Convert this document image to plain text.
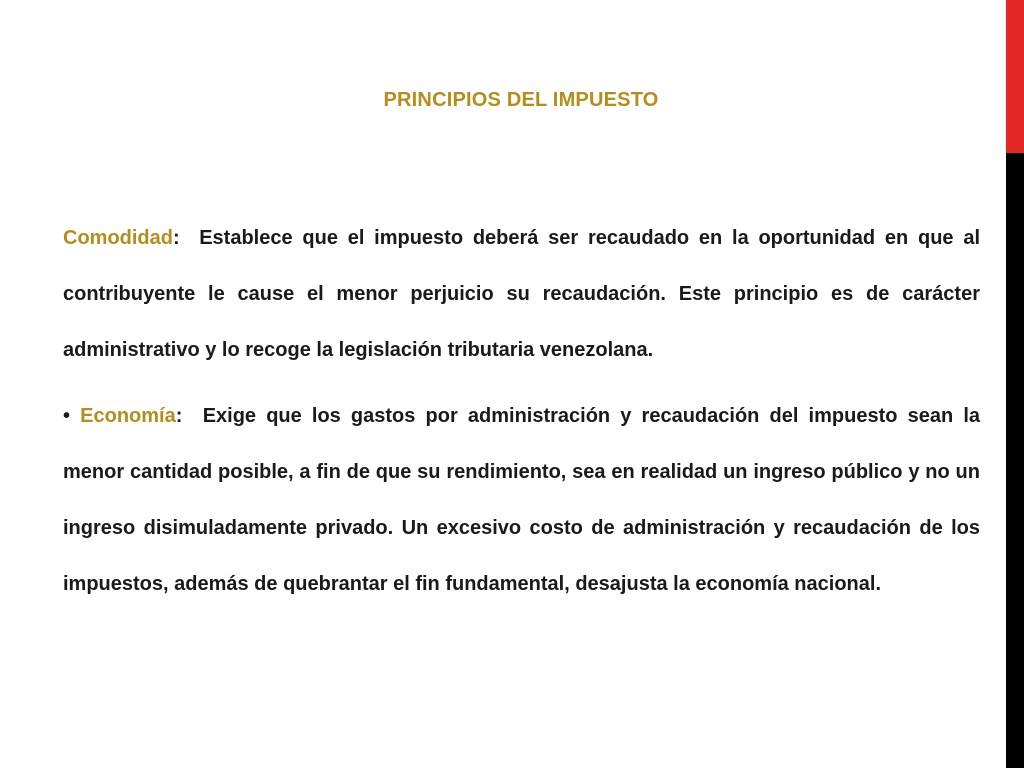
PRINCIPIOS DEL IMPUESTO

Comodidad:  Establece que el impuesto deberá ser recaudado en la oportunidad en que al contribuyente le cause el menor perjuicio su recaudación. Este principio es de carácter administrativo y lo recoge la legislación tributaria venezolana.

• Economía:  Exige que los gastos por administración y recaudación del impuesto sean la menor cantidad posible, a fin de que su rendimiento, sea en realidad un ingreso público y no un ingreso disimuladamente privado. Un excesivo costo de administración y recaudación de los impuestos, además de quebrantar el fin fundamental, desajusta la economía nacional.
